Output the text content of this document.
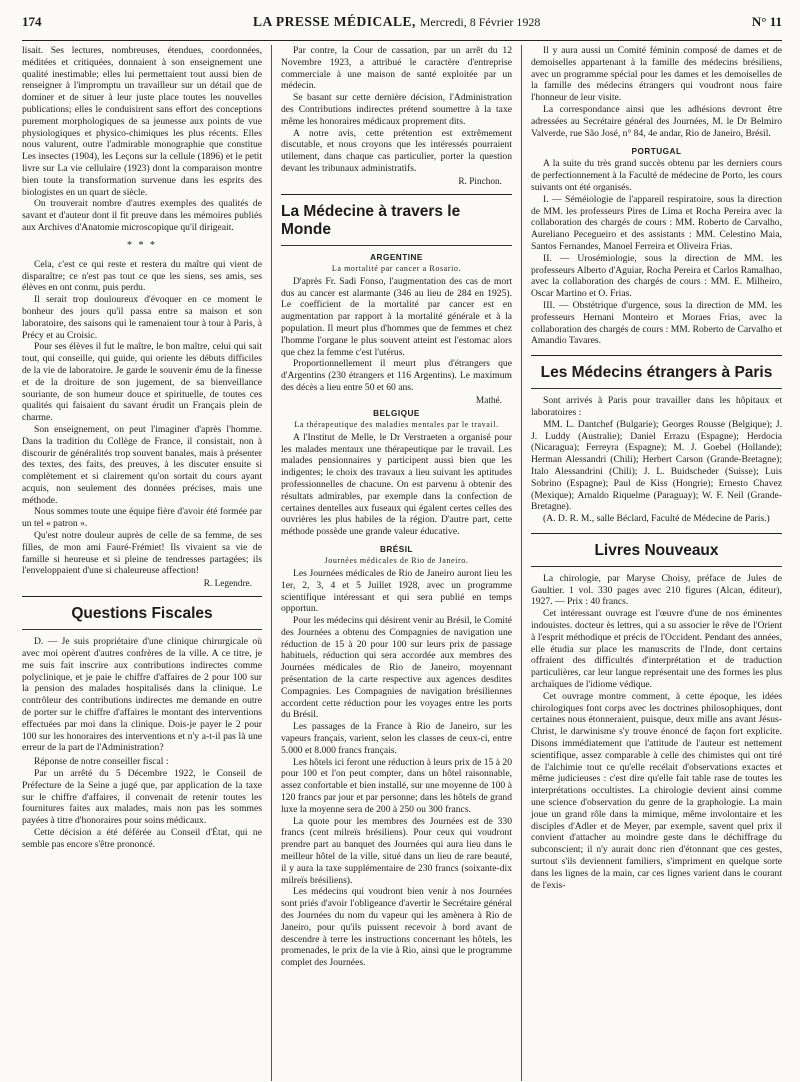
174	LA PRESSE MÉDICALE, Mercredi, 8 Février 1928	N° 11

lisait. Ses lectures, nombreuses, étendues, coordonnées, méditées et critiquées, donnaient à son enseignement une qualité inestimable; elles lui permettaient tout aussi bien de renseigner à l'impromptu un travailleur sur un détail que de dominer et de situer à leur juste place toutes les nouvelles publications; elles le conduisirent sans effort des conceptions purement morphologiques de sa jeunesse aux points de vue physiologiques et physico-chimiques les plus récents. Elles nous valurent, outre l'admirable monographie que constitue Les insectes (1904), les Leçons sur la cellule (1896) et le petit livre sur La vie cellulaire (1923) dont la comparaison montre bien toute la transformation survenue dans les esprits des biologistes en un quart de siècle.

On trouverait nombre d'autres exemples des qualités de savant et d'auteur dont il fit preuve dans les mémoires publiés aux Archives d'Anatomie microscopique qu'il dirigeait.

* * *

Cela, c'est ce qui reste et restera du maître qui vient de disparaître; ce n'est pas tout ce que les siens, ses amis, ses élèves en ont connu, puis perdu.

Il serait trop douloureux d'évoquer en ce moment le bonheur des jours qu'il passa entre sa maison et son laboratoire, des saisons qui le ramenaient tour à tour à Paris, à Précy et au Croisic.

Pour ses élèves il fut le maître, le bon maître, celui qui sait tout, qui conseille, qui guide, qui oriente les débuts difficiles de la vie de laboratoire. Je garde le souvenir ému de la finesse et de la droiture de son jugement, de sa bienveillance souriante, de son humeur douce et spirituelle, de toutes ces qualités qui faisaient du savant érudit un Français plein de charme.

Son enseignement, on peut l'imaginer d'après l'homme. Dans la tradition du Collège de France, il consistait, non à discourir de généralités trop souvent banales, mais à présenter des textes, des faits, des preuves, à les discuter ensuite si complètement et si clairement qu'on sortait du cours ayant acquis, non seulement des données précises, mais une méthode.

Nous sommes toute une équipe fière d'avoir été formée par un tel « patron ».

Qu'est notre douleur auprès de celle de sa femme, de ses filles, de mon ami Fauré-Frémiet! Ils vivaient sa vie de famille si heureuse et si pleine de tendresses partagées; ils l'enveloppaient d'une si chaleureuse affection!

R. Legendre.
Questions Fiscales

D. — Je suis propriétaire d'une clinique chirurgicale où avec moi opèrent d'autres confrères de la ville. A ce titre, je me suis fait inscrire aux contributions indirectes comme polyclinique, et je paie le chiffre d'affaires de 2 pour 100 sur la pension des malades hospitalisés dans la clinique. Le contrôleur des contributions indirectes me demande en outre de porter sur le chiffre d'affaires le montant des interventions effectuées par moi dans la clinique. Dois-je payer le 2 pour 100 sur les honoraires des interventions et n'y a-t-il pas là une erreur de la part de l'Administration?

Réponse de notre conseiller fiscal :

Par un arrêté du 5 Décembre 1922, le Conseil de Préfecture de la Seine a jugé que, par application de la taxe sur le chiffre d'affaires, il convenait de retenir toutes les fournitures faites aux malades, mais non pas les sommes payées à titre d'honoraires pour soins médicaux.

Cette décision a été déférée au Conseil d'État, qui ne semble pas encore s'être prononcé.

Par contre, la Cour de cassation, par un arrêt du 12 Novembre 1923, a attribué le caractère d'entreprise commerciale à une maison de santé exploitée par un médecin.

Se basant sur cette dernière décision, l'Administration des Contributions indirectes prétend soumettre à la taxe même les honoraires médicaux proprement dits.

A notre avis, cette prétention est extrêmement discutable, et nous croyons que les intéressés pourraient utilement, dans chaque cas particulier, porter la question devant les tribunaux administratifs.

R. Pinchon.
La Médecine à travers le Monde
ARGENTINE
La mortalité par cancer a Rosario.

D'après Fr. Sadi Fonso, l'augmentation des cas de mort dus au cancer est alarmante (346 au lieu de 284 en 1925). Le coefficient de la mortalité par cancer est en augmentation par rapport à la mortalité générale et à la population. Il meurt plus d'hommes que de femmes et chez l'homme l'organe le plus souvent atteint est l'estomac alors que chez la femme c'est l'utérus.

Proportionnellement il meurt plus d'étrangers que d'Argentins (230 étrangers et 116 Argentins). Le maximum des décès a lieu entre 50 et 60 ans.

Mathé.
BELGIQUE
La thérapeutique des maladies mentales par le travail.

A l'Institut de Melle, le Dr Verstraeten a organisé pour les malades mentaux une thérapeutique par le travail. Les malades pensionnaires y participent aussi bien que les indigentes; le choix des travaux a lieu suivant les aptitudes professionnelles de chacune. On est parvenu à obtenir des résultats admirables, par exemple dans la confection de certaines dentelles aux fuseaux qui égalent certes celles des ouvrières les plus habiles de la région. D'autre part, cette méthode possède une grande valeur éducative.

BRÉSIL
Journées médicales de Rio de Janeiro.

Les Journées médicales de Rio de Janeiro auront lieu les 1er, 2, 3, 4 et 5 Juillet 1928, avec un programme scientifique intéressant et qui sera publié en temps opportun.

Pour les médecins qui désirent venir au Brésil, le Comité des Journées a obtenu des Compagnies de navigation une réduction de 15 à 20 pour 100 sur leurs prix de passage habituels, réduction qui sera accordée aux membres des Journées médicales de Rio de Janeiro, moyennant présentation de la carte respective aux agences desdites Compagnies. Les Compagnies de navigation brésiliennes accordent cette réduction pour les voyages entre les ports du Brésil.

Les passages de la France à Rio de Janeiro, sur les vapeurs français, varient, selon les classes de ceux-ci, entre 5.000 et 8.000 francs français.

Les hôtels ici feront une réduction à leurs prix de 15 à 20 pour 100 et l'on peut compter, dans un hôtel raisonnable, assez confortable et bien installé, sur une moyenne de 100 à 120 francs par jour et par personne; dans les hôtels de grand luxe la moyenne sera de 200 à 250 ou 300 francs.

La quote pour les membres des Journées est de 330 francs (cent milreïs brésiliens). Pour ceux qui voudront prendre part au banquet des Journées qui aura lieu dans le meilleur hôtel de la ville, situé dans un lieu de rare beauté, il y aura la taxe supplémentaire de 230 francs (soixante-dix milreïs brésiliens).

Les médecins qui voudront bien venir à nos Journées sont priés d'avoir l'obligeance d'avertir le Secrétaire général des Journées du nom du vapeur qui les amènera à Rio de Janeiro, pour qu'ils puissent recevoir à bord avant de descendre à terre les instructions concernant les hôtels, les promenades, le prix de la vie à Rio, ainsi que le programme complet des Journées.

Il y aura aussi un Comité féminin composé de dames et de demoiselles appartenant à la famille des médecins brésiliens, avec un programme spécial pour les dames et les demoiselles de la famille des médecins étrangers qui voudront nous faire l'honneur de leur visite.

La correspondance ainsi que les adhésions devront être adressées au Secrétaire général des Journées, M. le Dr Belmiro Valverde, rue São José, n° 84, 4e andar, Rio de Janeiro, Brésil.

PORTUGAL

A la suite du très grand succès obtenu par les derniers cours de perfectionnement à la Faculté de médecine de Porto, les cours suivants ont été organisés.

I. — Séméiologie de l'appareil respiratoire, sous la direction de MM. les professeurs Pires de Lima et Rocha Pereira avec la collaboration des chargés de cours : MM. Roberto de Carvalho, Aureliano Pecegueiro et des assistants : MM. Celestino Maia, Santos Fernandes, Manoel Ferreira et Oliveira Frias.

II. — Urosémiologie, sous la direction de MM. les professeurs Alberto d'Aguiar, Rocha Pereira et Carlos Ramalhao, avec la collaboration des chargés de cours : MM. E. Milheiro, Oscar Martino et O. Frias.

III. — Obstétrique d'urgence, sous la direction de MM. les professeurs Hernani Monteiro et Moraes Frias, avec la collaboration des chargés de cours : MM. Roberto de Carvalho et Amandio Tavares.

Les Médecins étrangers à Paris

Sont arrivés à Paris pour travailler dans les hôpitaux et laboratoires :

MM. L. Dantchef (Bulgarie); Georges Rousse (Belgique); J. J. Luddy (Australie); Daniel Errazu (Espagne); Herdocia (Nicaragua); Ferreyra (Espagne); M. J. Goebel (Hollande); Herman Alessandri (Chili); Herbert Carson (Grande-Bretagne); Italo Alessandrini (Chili); J. L. Buidscheder (Suisse); Luis Sobrino (Espagne); Paul de Kiss (Hongrie); Ernesto Chavez (Mexique); Arnaldo Riquelme (Paraguay); W. F. Neil (Grande-Bretagne).

(A. D. R. M., salle Béclard, Faculté de Médecine de Paris.)

Livres Nouveaux

La chirologie, par Maryse Choisy, préface de Jules de Gaultier. 1 vol. 330 pages avec 210 figures (Alcan, éditeur), 1927. — Prix : 40 francs.

Cet intéressant ouvrage est l'œuvre d'une de nos éminentes indouistes. docteur ès lettres, qui a su associer le rêve de l'Orient à l'esprit méthodique et précis de l'Occident. Pendant des années, elle étudia sur place les manuscrits de l'Inde, dont certains offraient des difficultés d'interprétation et de traduction particulières, car leur langue représentait une des formes les plus archaïques de l'idiome védique.

Cet ouvrage montre comment, à cette époque, les idées chirologiques font corps avec les doctrines philosophiques, dont certaines nous étonneraient, puisque, deux mille ans avant Jésus-Christ, le darwinisme s'y trouve énoncé de façon fort explicite. Disons immédiatement que l'attitude de l'auteur est nettement scientifique, assez comparable à celle des chimistes qui ont tiré de l'alchimie tout ce qu'elle recélait d'observations exactes et même judicieuses : c'est dire qu'elle fait table rase de toutes les interprétations occultistes. La chirologie devient ainsi comme une science d'observation du genre de la graphologie. La main joue un grand rôle dans la mimique, même involontaire et les disciples d'Adler et de Meyer, par exemple, savent quel prix il convient d'attacher au moindre geste dans le déchiffrage du subconscient; il n'y aurait donc rien d'étonnant que ces gestes, surtout s'ils deviennent familiers, s'impriment en quelque sorte dans les lignes de la main, car ces lignes varient dans le courant de l'exis-
